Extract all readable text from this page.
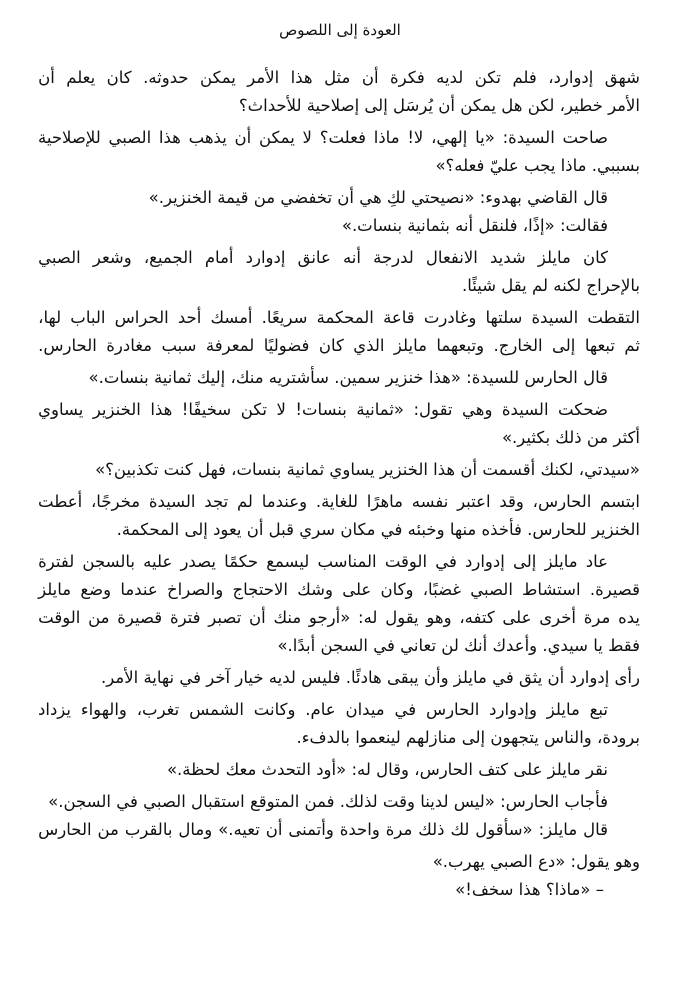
العودة إلى اللصوص
شهق
إدوارد،
فلم
تكن
لديه
فكرة
أن
مثل
هذا
الأمر
يمكن
حدوثه.
كان
يعلم
أن
الأمر خطير، لكن هل يمكن أن يُرسَل إلى إصلاحية للأحداث؟
صاحت
السيدة:
«يا
إلهي،
لا!
ماذا
فعلت؟
لا
يمكن
أن
يذهب
هذا
الصبي
للإصلاحية
بسببي. ماذا يجب عليّ فعله؟»
قال القاضي بهدوء: «نصيحتي لكِ هي أن تخفضي من قيمة الخنزير.»
فقالت: «إذًا، فلنقل أنه بثمانية بنسات.»
كان
مايلز
شديد
الانفعال
لدرجة
أنه
عانق
إدوارد
أمام
الجميع،
وشعر
الصبي
بالإحراج لكنه لم يقل شيئًا.
التقطت
السيدة
سلتها
وغادرت
قاعة
المحكمة
سريعًا.
أمسك
أحد
الحراس
الباب
لها،
ثم
تبعها
إلى
الخارج.
وتبعهما
مايلز
الذي
كان
فضوليًا
لمعرفة
سبب
مغادرة
الحارس.
قال الحارس للسيدة: «هذا خنزير سمين. سأشتريه منك، إليك ثمانية بنسات.»
ضحكت
السيدة
وهي
تقول:
«ثمانية
بنسات!
لا
تكن
سخيفًا!
هذا
الخنزير
يساوي
أكثر من ذلك بكثير.»
«سيدتي، لكنك أقسمت أن هذا الخنزير يساوي ثمانية بنسات، فهل كنت تكذبين؟»
ابتسم
الحارس،
وقد
اعتبر
نفسه
ماهرًا
للغاية.
وعندما
لم
تجد
السيدة
مخرجًا،
أعطت
الخنزير للحارس. فأخذه منها وخبئه في مكان سري قبل أن يعود إلى المحكمة.
عاد
مايلز
إلى
إدوارد
في
الوقت
المناسب
ليسمع
حكمًا
يصدر
عليه
بالسجن
لفترة
قصيرة.
استشاط
الصبي
غضبًا،
وكان
على
وشك
الاحتجاج
والصراخ
عندما
وضع
مايلز
يده
مرة
أخرى
على
كتفه،
وهو
يقول
له:
«أرجو
منك
أن
تصبر
فترة
قصيرة
من
الوقت
فقط يا سيدي. وأعدك أنك لن تعاني في السجن أبدًا.»
رأى إدوارد أن يثق في مايلز وأن يبقى هادئًا. فليس لديه خيار آخر في نهاية الأمر.
تبع
مايلز
وإدوارد
الحارس
في
ميدان
عام.
وكانت
الشمس
تغرب،
والهواء
يزداد
برودة، والناس يتجهون إلى منازلهم لينعموا بالدفء.
نقر مايلز على كتف الحارس، وقال له: «أود التحدث معك لحظة.»
فأجاب الحارس: «ليس لدينا وقت لذلك. فمن المتوقع استقبال الصبي في السجن.»
قال
مايلز:
«سأقول
لك
ذلك
مرة
واحدة
وأتمنى
أن
تعيه.»
ومال
بالقرب
من
الحارس
وهو يقول: «دع الصبي يهرب.»
– «ماذا؟ هذا سخف!»
